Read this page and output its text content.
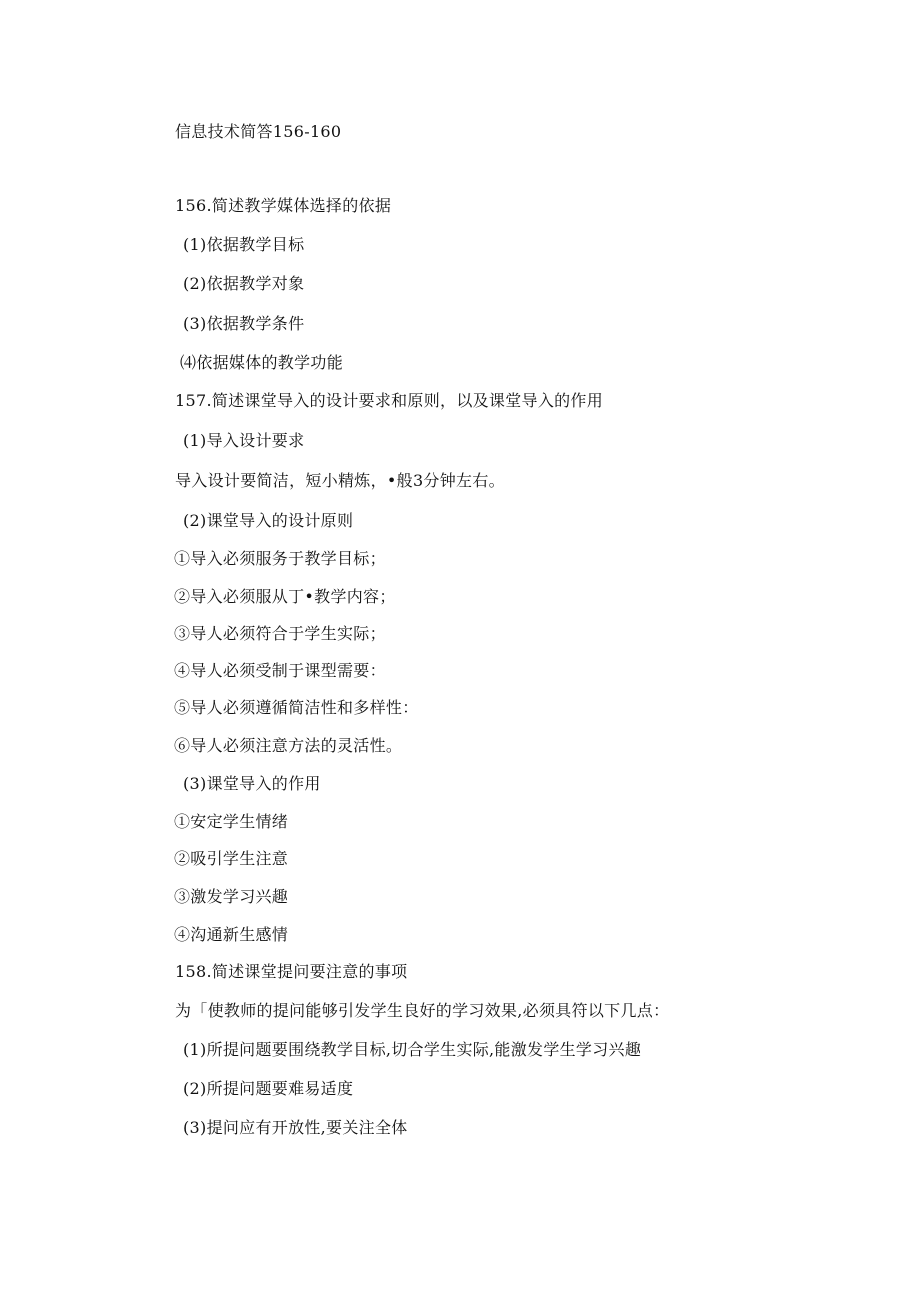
信息技术简答156-160
156.简述教学媒体选择的依据
(1)依据教学目标
(2)依据教学对象
(3)依据教学条件
⑷依据媒体的教学功能
157.简述课堂导入的设计要求和原则，以及课堂导入的作用
(1)导入设计要求
导入设计要简洁，短小精炼，•般3分钟左右。
(2)课堂导入的设计原则
①导入必须服务于教学目标；
②导入必须服从丁•教学内容；
③导人必须符合于学生实际；
④导人必须受制于课型需要：
⑤导人必须遵循简洁性和多样性：
⑥导人必须注意方法的灵活性。
(3)课堂导入的作用
①安定学生情绪
②吸引学生注意
③激发学习兴趣
④沟通新生感情
158.简述课堂提问要注意的事项
为「使教师的提问能够引发学生良好的学习效果,必须具符以下几点：
(1)所提问题要围绕教学目标,切合学生实际,能激发学生学习兴趣
(2)所提问题要难易适度
(3)提问应有开放性,要关注全体
